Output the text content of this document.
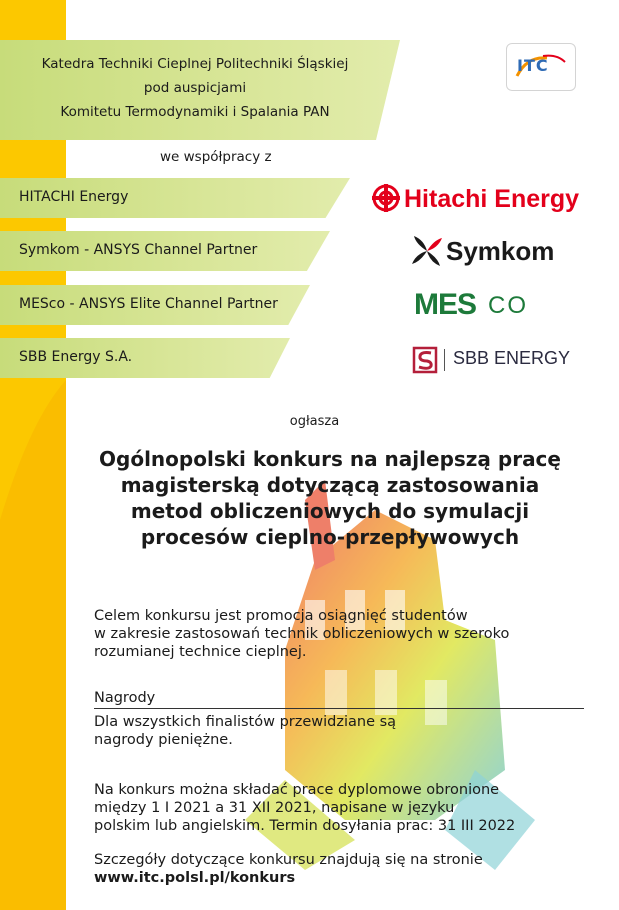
Katedra Techniki Cieplnej Politechniki Śląskiej
pod auspicjami
Komitetu Termodynamiki i Spalania PAN
we współpracy z
ITC
HITACHI Energy
Symkom - ANSYS Channel Partner
MESco - ANSYS Elite Channel Partner
SBB Energy S.A.
Hitachi Energy
Symkom
MES CO
SBB ENERGY
ogłasza
Ogólnopolski konkurs na najlepszą pracę
magisterską dotyczącą zastosowania
metod obliczeniowych do symulacji
procesów cieplno-przepływowych
Celem konkursu jest promocja osiągnięć studentów
w zakresie zastosowań technik obliczeniowych w szeroko
rozumianej technice cieplnej.
Nagrody
Dla wszystkich finalistów przewidziane są
nagrody pieniężne.
Na konkurs można składać prace dyplomowe obronione
między 1 I 2021 a 31 XII 2021, napisane w języku
polskim lub angielskim. Termin dosyłania prac: 31 III 2022
Szczegóły dotyczące konkursu znajdują się na stronie
www.itc.polsl.pl/konkurs
